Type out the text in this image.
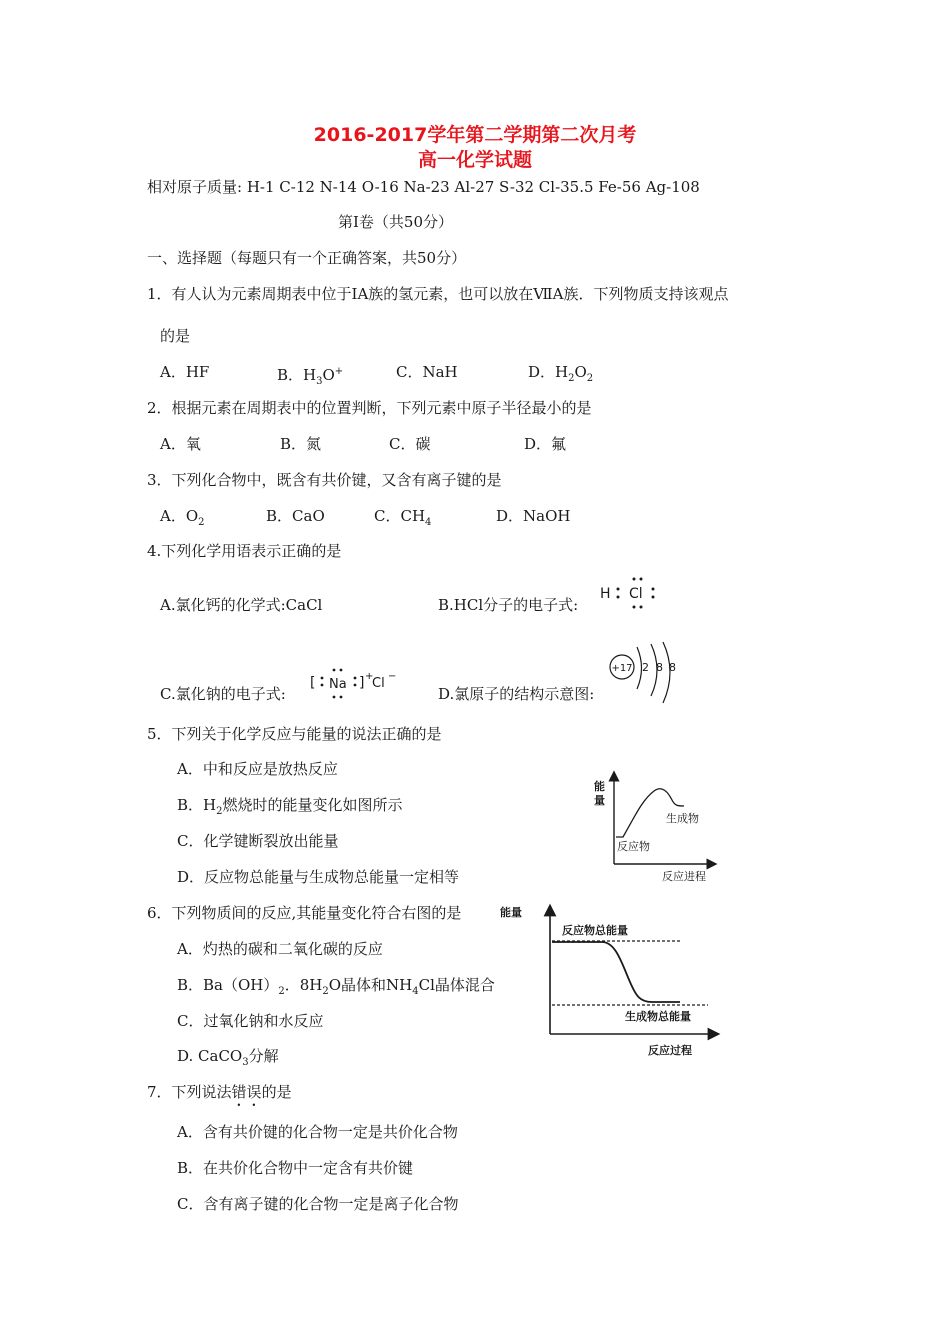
2016-2017学年第二学期第二次月考
高一化学试题
相对原子质量: H-1 C-12 N-14 O-16 Na-23 Al-27 S-32 Cl-35.5 Fe-56 Ag-108
第Ⅰ卷（共50分）
一、选择题（每题只有一个正确答案，共50分）
1．有人认为元素周期表中位于ⅠA族的氢元素，也可以放在ⅦA族．下列物质支持该观点
的是
A．HF	B．$H_3O^+$	C．NaH	D．$H_2O_2$
2．根据元素在周期表中的位置判断，下列元素中原子半径最小的是
A．氧	B．氮	C．碳	D．氟
3．下列化合物中，既含有共价键，又含有离子键的是
A．$O_2$	B．CaO	C．$CH_4$	D．NaOH
4.下列化学用语表示正确的是
A.氯化钙的化学式:CaCl	B.HCl分子的电子式:
H Cl
C.氯化钠的电子式:
[ Na ] +
Cl −
D.氯原子的结构示意图:
+17 2 8 8
5．下列关于化学反应与能量的说法正确的是
A．中和反应是放热反应
B．$H_2$燃烧时的能量变化如图所示
C．化学键断裂放出能量
D．反应物总能量与生成物总能量一定相等
能
量
生成物
反应物
反应进程
6．下列物质间的反应,其能量变化符合右图的是
A．灼热的碳和二氧化碳的反应
B．$Ba(OH)_2$．$8H_2O$晶体和$NH_4Cl$晶体混合
C．过氧化钠和水反应
D. CaCO$_3$分解
能量
反应物总能量
生成物总能量
反应过程
7．下列说法错误的是
A．含有共价键的化合物一定是共价化合物
B．在共价化合物中一定含有共价键
C．含有离子键的化合物一定是离子化合物
